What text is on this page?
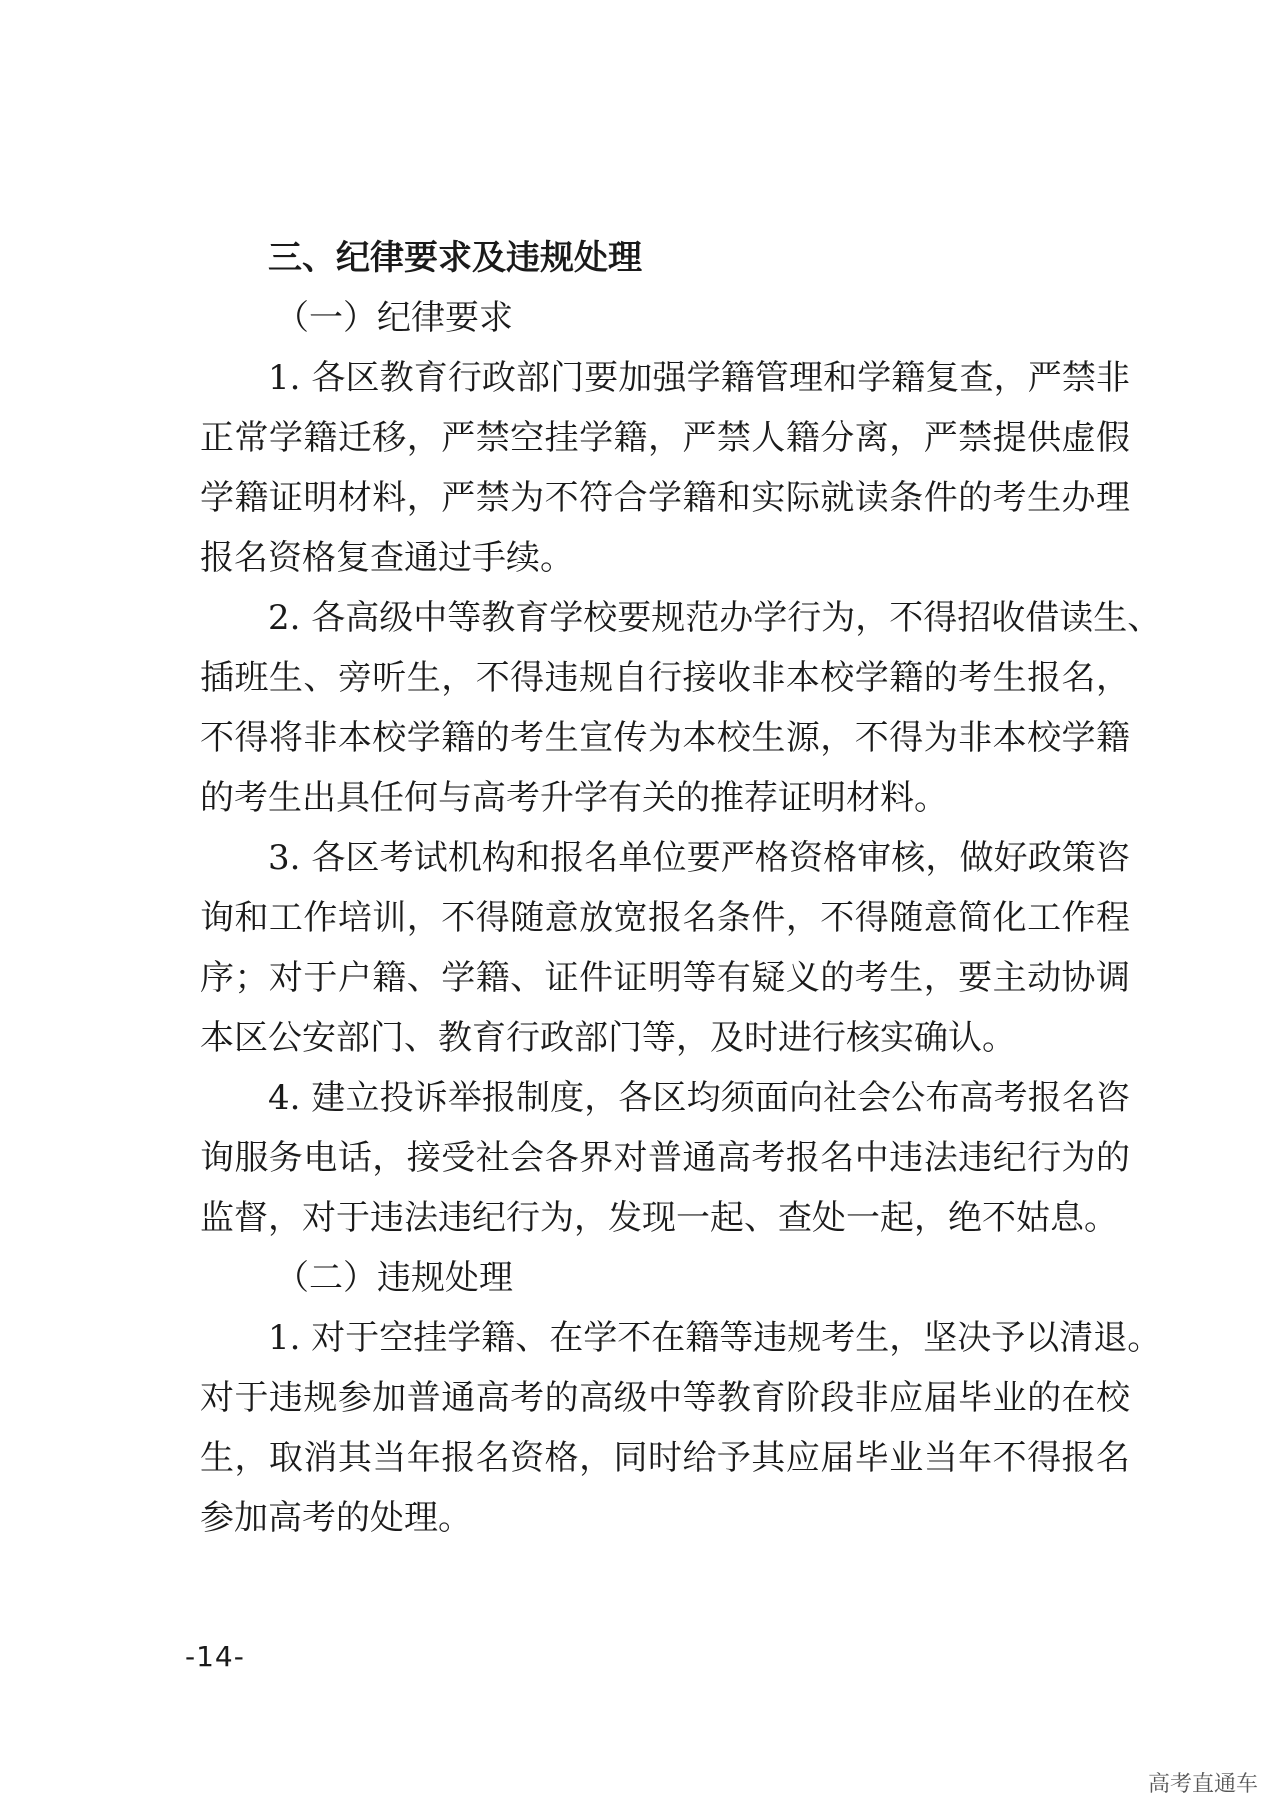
三、纪律要求及违规处理
（一）纪律要求
1. 各区教育行政部门要加强学籍管理和学籍复查，严禁非
正常学籍迁移，严禁空挂学籍，严禁人籍分离，严禁提供虚假
学籍证明材料，严禁为不符合学籍和实际就读条件的考生办理
报名资格复查通过手续。
2. 各高级中等教育学校要规范办学行为，不得招收借读生、
插班生、旁听生，不得违规自行接收非本校学籍的考生报名，
不得将非本校学籍的考生宣传为本校生源，不得为非本校学籍
的考生出具任何与高考升学有关的推荐证明材料。
3. 各区考试机构和报名单位要严格资格审核，做好政策咨
询和工作培训，不得随意放宽报名条件，不得随意简化工作程
序；对于户籍、学籍、证件证明等有疑义的考生，要主动协调
本区公安部门、教育行政部门等，及时进行核实确认。
4. 建立投诉举报制度，各区均须面向社会公布高考报名咨
询服务电话，接受社会各界对普通高考报名中违法违纪行为的
监督，对于违法违纪行为，发现一起、查处一起，绝不姑息。
（二）违规处理
1. 对于空挂学籍、在学不在籍等违规考生，坚决予以清退。
对于违规参加普通高考的高级中等教育阶段非应届毕业的在校
生，取消其当年报名资格，同时给予其应届毕业当年不得报名
参加高考的处理。
-14-
高考直通车
